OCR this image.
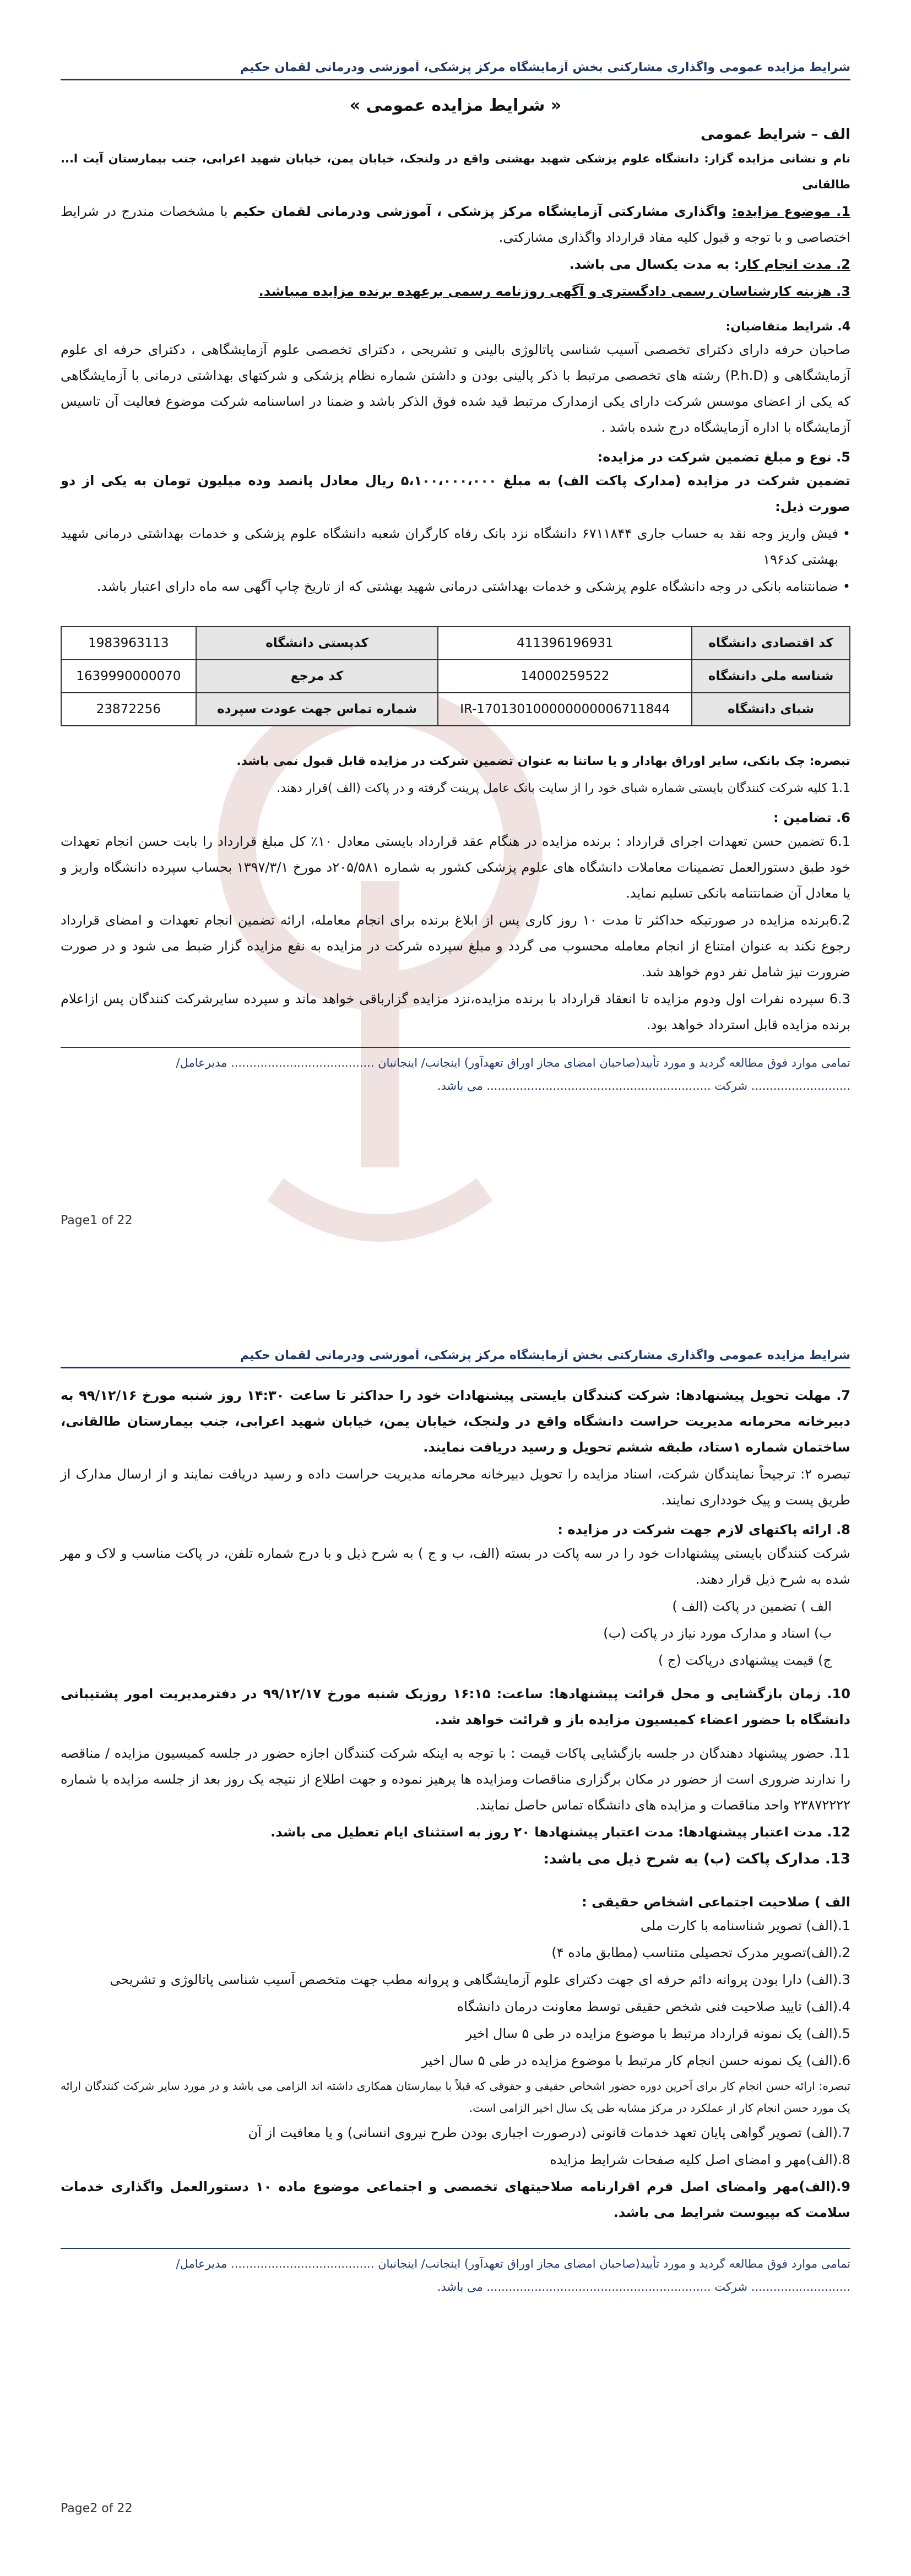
شرایط مزایده عمومی واگذاری مشارکتی بخش آزمایشگاه مرکز پزشکی، آموزشی ودرمانی لقمان حکیم
« شرایط مزایده عمومی »
الف – شرایط عمومی
نام و نشانی مزایده گزار: دانشگاه علوم پزشکی شهید بهشتی واقع در ولنجک، خیابان یمن، خیابان شهید اعرابی، جنب بیمارستان آیت ا... طالقانی
1. موضوع مزایده: واگذاری مشارکتی آزمایشگاه مرکز پزشکی ، آموزشی ودرمانی لقمان حکیم با مشخصات مندرج در شرایط اختصاصی و با توجه و قبول کلیه مفاد قرارداد واگذاری مشارکتی.
2. مدت انجام کار: به مدت یکسال می باشد.
3. هزینه کارشناسان رسمی دادگستری و آگهی روزنامه رسمی برعهده برنده مزایده میباشد.
4. شرایط متقاضیان:
صاحبان حرفه دارای دکترای تخصصی آسیب شناسی پاتالوژی بالینی و تشریحی ، دکترای تخصصی علوم آزمایشگاهی ، دکترای حرفه ای علوم آزمایشگاهی و (P.h.D) رشته های تخصصی مرتبط با ذکر پالینی بودن و داشتن شماره نظام پزشکی و شرکتهای بهداشتی درمانی با آزمایشگاهی که یکی از اعضای موسس شرکت دارای یکی ازمدارک مرتبط قید شده فوق الذکر باشد و ضمنا در اساسنامه شرکت موضوع فعالیت آن تاسیس آزمایشگاه با اداره آزمایشگاه درج شده باشد .
5. نوع و مبلغ تضمین شرکت در مزایده:
تضمین شرکت در مزایده (مدارک پاکت الف) به مبلغ ۵،۱۰۰،۰۰۰،۰۰۰ ریال معادل پانصد وده میلیون تومان به یکی از دو صورت ذیل:
• فیش واریز وجه نقد به حساب جاری ۶۷۱۱۸۴۴ دانشگاه نزد بانک رفاه کارگران شعبه دانشگاه علوم پزشکی و خدمات بهداشتی درمانی شهید بهشتی کد۱۹۶
• ضمانتنامه بانکی در وجه دانشگاه علوم پزشکی و خدمات بهداشتی درمانی شهید بهشتی که از تاریخ چاپ آگهی سه ماه دارای اعتبار باشد.
کد اقتصادی دانشگاه	411396196931	کدپستی دانشگاه	1983963113
شناسه ملی دانشگاه	14000259522	کد مرجع	1639990000070
شبای دانشگاه	IR-170130100000000006711844	شماره تماس جهت عودت سپرده	23872256
تبصره: چک بانکی، سایر اوراق بهادار و یا ساتنا به عنوان تضمین شرکت در مزایده قابل قبول نمی باشد.
1.1 کلیه شرکت کنندگان بایستی شماره شبای خود را از سایت بانک عامل پرینت گرفته و در پاکت (الف )قرار دهند.
6. تضامین :
6.1 تضمین حسن تعهدات اجرای قرارداد : برنده مزایده در هنگام عقد قرارداد بایستی معادل ۱۰٪ کل مبلغ قرارداد را بابت حسن انجام تعهدات خود طبق دستورالعمل تضمینات معاملات دانشگاه های علوم پزشکی کشور به شماره ۲۰۵/۵۸۱د مورخ ۱۳۹۷/۳/۱ بحساب سپرده دانشگاه واریز و یا معادل آن ضمانتنامه بانکی تسلیم نماید.
6.2برنده مزایده در صورتیکه حداکثر تا مدت ۱۰ روز کاری پس از ابلاغ برنده برای انجام معامله، ارائه تضمین انجام تعهدات و امضای قرارداد رجوع نکند به عنوان امتناع از انجام معامله محسوب می گردد و مبلغ سپرده شرکت در مزایده به نفع مزایده گزار ضبط می شود و در صورت ضرورت نیز شامل نفر دوم خواهد شد.
6.3 سپرده نفرات اول ودوم مزایده تا انعقاد قرارداد با برنده مزایده،نزد مزایده گزارباقی خواهد ماند و سپرده سایرشرکت کنندگان پس ازاعلام برنده مزایده قابل استرداد خواهد بود.
تمامی موارد فوق مطالعه گردید و مورد تأیید(صاحبان امضای مجاز اوراق تعهدآور) اینجانب/ اینجانبان ....................................... مدیرعامل/
........................... شرکت ............................................................. می باشد.
Page1 of 22
شرایط مزایده عمومی واگذاری مشارکتی بخش آزمایشگاه مرکز پزشکی، آموزشی ودرمانی لقمان حکیم
7. مهلت تحویل پیشنهادها: شرکت کنندگان بایستی پیشنهادات خود را حداکثر تا ساعت ۱۴:۳۰ روز شنبه مورخ ۹۹/۱۲/۱۶ به دبیرخانه محرمانه مدیریت حراست دانشگاه واقع در ولنجک، خیابان یمن، خیابان شهید اعرابی، جنب بیمارستان طالقانی، ساختمان شماره ۱ستاد، طبقه ششم تحویل و رسید دریافت نمایند.
تبصره ۲: ترجیحاً نمایندگان شرکت، اسناد مزایده را تحویل دبیرخانه محرمانه مدیریت حراست داده و رسید دریافت نمایند و از ارسال مدارک از طریق پست و پیک خودداری نمایند.
8. ارائه پاکتهای لازم جهت شرکت در مزایده :
شرکت کنندگان بایستی پیشنهادات خود را در سه پاکت در بسته (الف، ب و ج ) به شرح ذیل و با درج شماره تلفن، در پاکت مناسب و لاک و مهر شده به شرح ذیل قرار دهند.
الف ) تضمین در پاکت (الف )
ب) اسناد و مدارک مورد نیاز در پاکت (ب)
ج) قیمت پیشنهادی درپاکت (ج )
10. زمان بازگشایی و محل قرائت پیشنهادها: ساعت: ۱۶:۱۵ روزیک شنبه مورخ ۹۹/۱۲/۱۷ در دفترمدیریت امور پشتیبانی دانشگاه با حضور اعضاء کمیسیون مزایده باز و قرائت خواهد شد.
11. حضور پیشنهاد دهندگان در جلسه بازگشایی پاکات قیمت : با توجه به اینکه شرکت کنندگان اجازه حضور در جلسه کمیسیون مزایده / مناقصه را ندارند ضروری است از حضور در مکان برگزاری مناقصات ومزایده ها پرهیز نموده و جهت اطلاع از نتیجه یک روز بعد از جلسه مزایده با شماره ۲۳۸۷۲۲۲۲ واحد مناقصات و مزایده های دانشگاه تماس حاصل نمایند.
12. مدت اعتبار پیشنهادها: مدت اعتبار پیشنهادها ۲۰ روز به استثنای ایام تعطیل می باشد.
13. مدارک پاکت (ب) به شرح ذیل می باشد:
الف ) صلاحیت اجتماعی اشخاص حقیقی :
1.(الف) تصویر شناسنامه با کارت ملی
2.(الف)تصویر مدرک تحصیلی متناسب (مطابق ماده ۴)
3.(الف) دارا بودن پروانه دائم حرفه ای جهت دکترای علوم آزمایشگاهی و پروانه مطب جهت متخصص آسیب شناسی پاتالوژی و تشریحی
4.(الف) تایید صلاحیت فنی شخص حقیقی توسط معاونت درمان دانشگاه
5.(الف) یک نمونه قرارداد مرتبط با موضوع مزایده در طی ۵ سال اخیر
6.(الف) یک نمونه حسن انجام کار مرتبط با موضوع مزایده در طی ۵ سال اخیر
تبصره: ارائه حسن انجام کار برای آخرین دوره حضور اشخاص حقیقی و حقوقی که قبلاً با بیمارستان همکاری داشته اند الزامی می باشد و در مورد سایر شرکت کنندگان ارائه یک مورد حسن انجام کار از عملکرد در مرکز مشابه طی یک سال اخیر الزامی است.
7.(الف) تصویر گواهی پایان تعهد خدمات قانونی (درصورت اجباری بودن طرح نیروی انسانی) و یا معافیت از آن
8.(الف)مهر و امضای اصل کلیه صفحات شرایط مزایده
9.(الف)مهر وامضای اصل فرم اقرارنامه صلاحیتهای تخصصی و اجتماعی موضوع ماده ۱۰ دستورالعمل واگذاری خدمات سلامت که بپیوست شرایط می باشد.
تمامی موارد فوق مطالعه گردید و مورد تأیید(صاحبان امضای مجاز اوراق تعهدآور) اینجانب/ اینجانبان ....................................... مدیرعامل/
........................... شرکت ............................................................. می باشد.
Page2 of 22
